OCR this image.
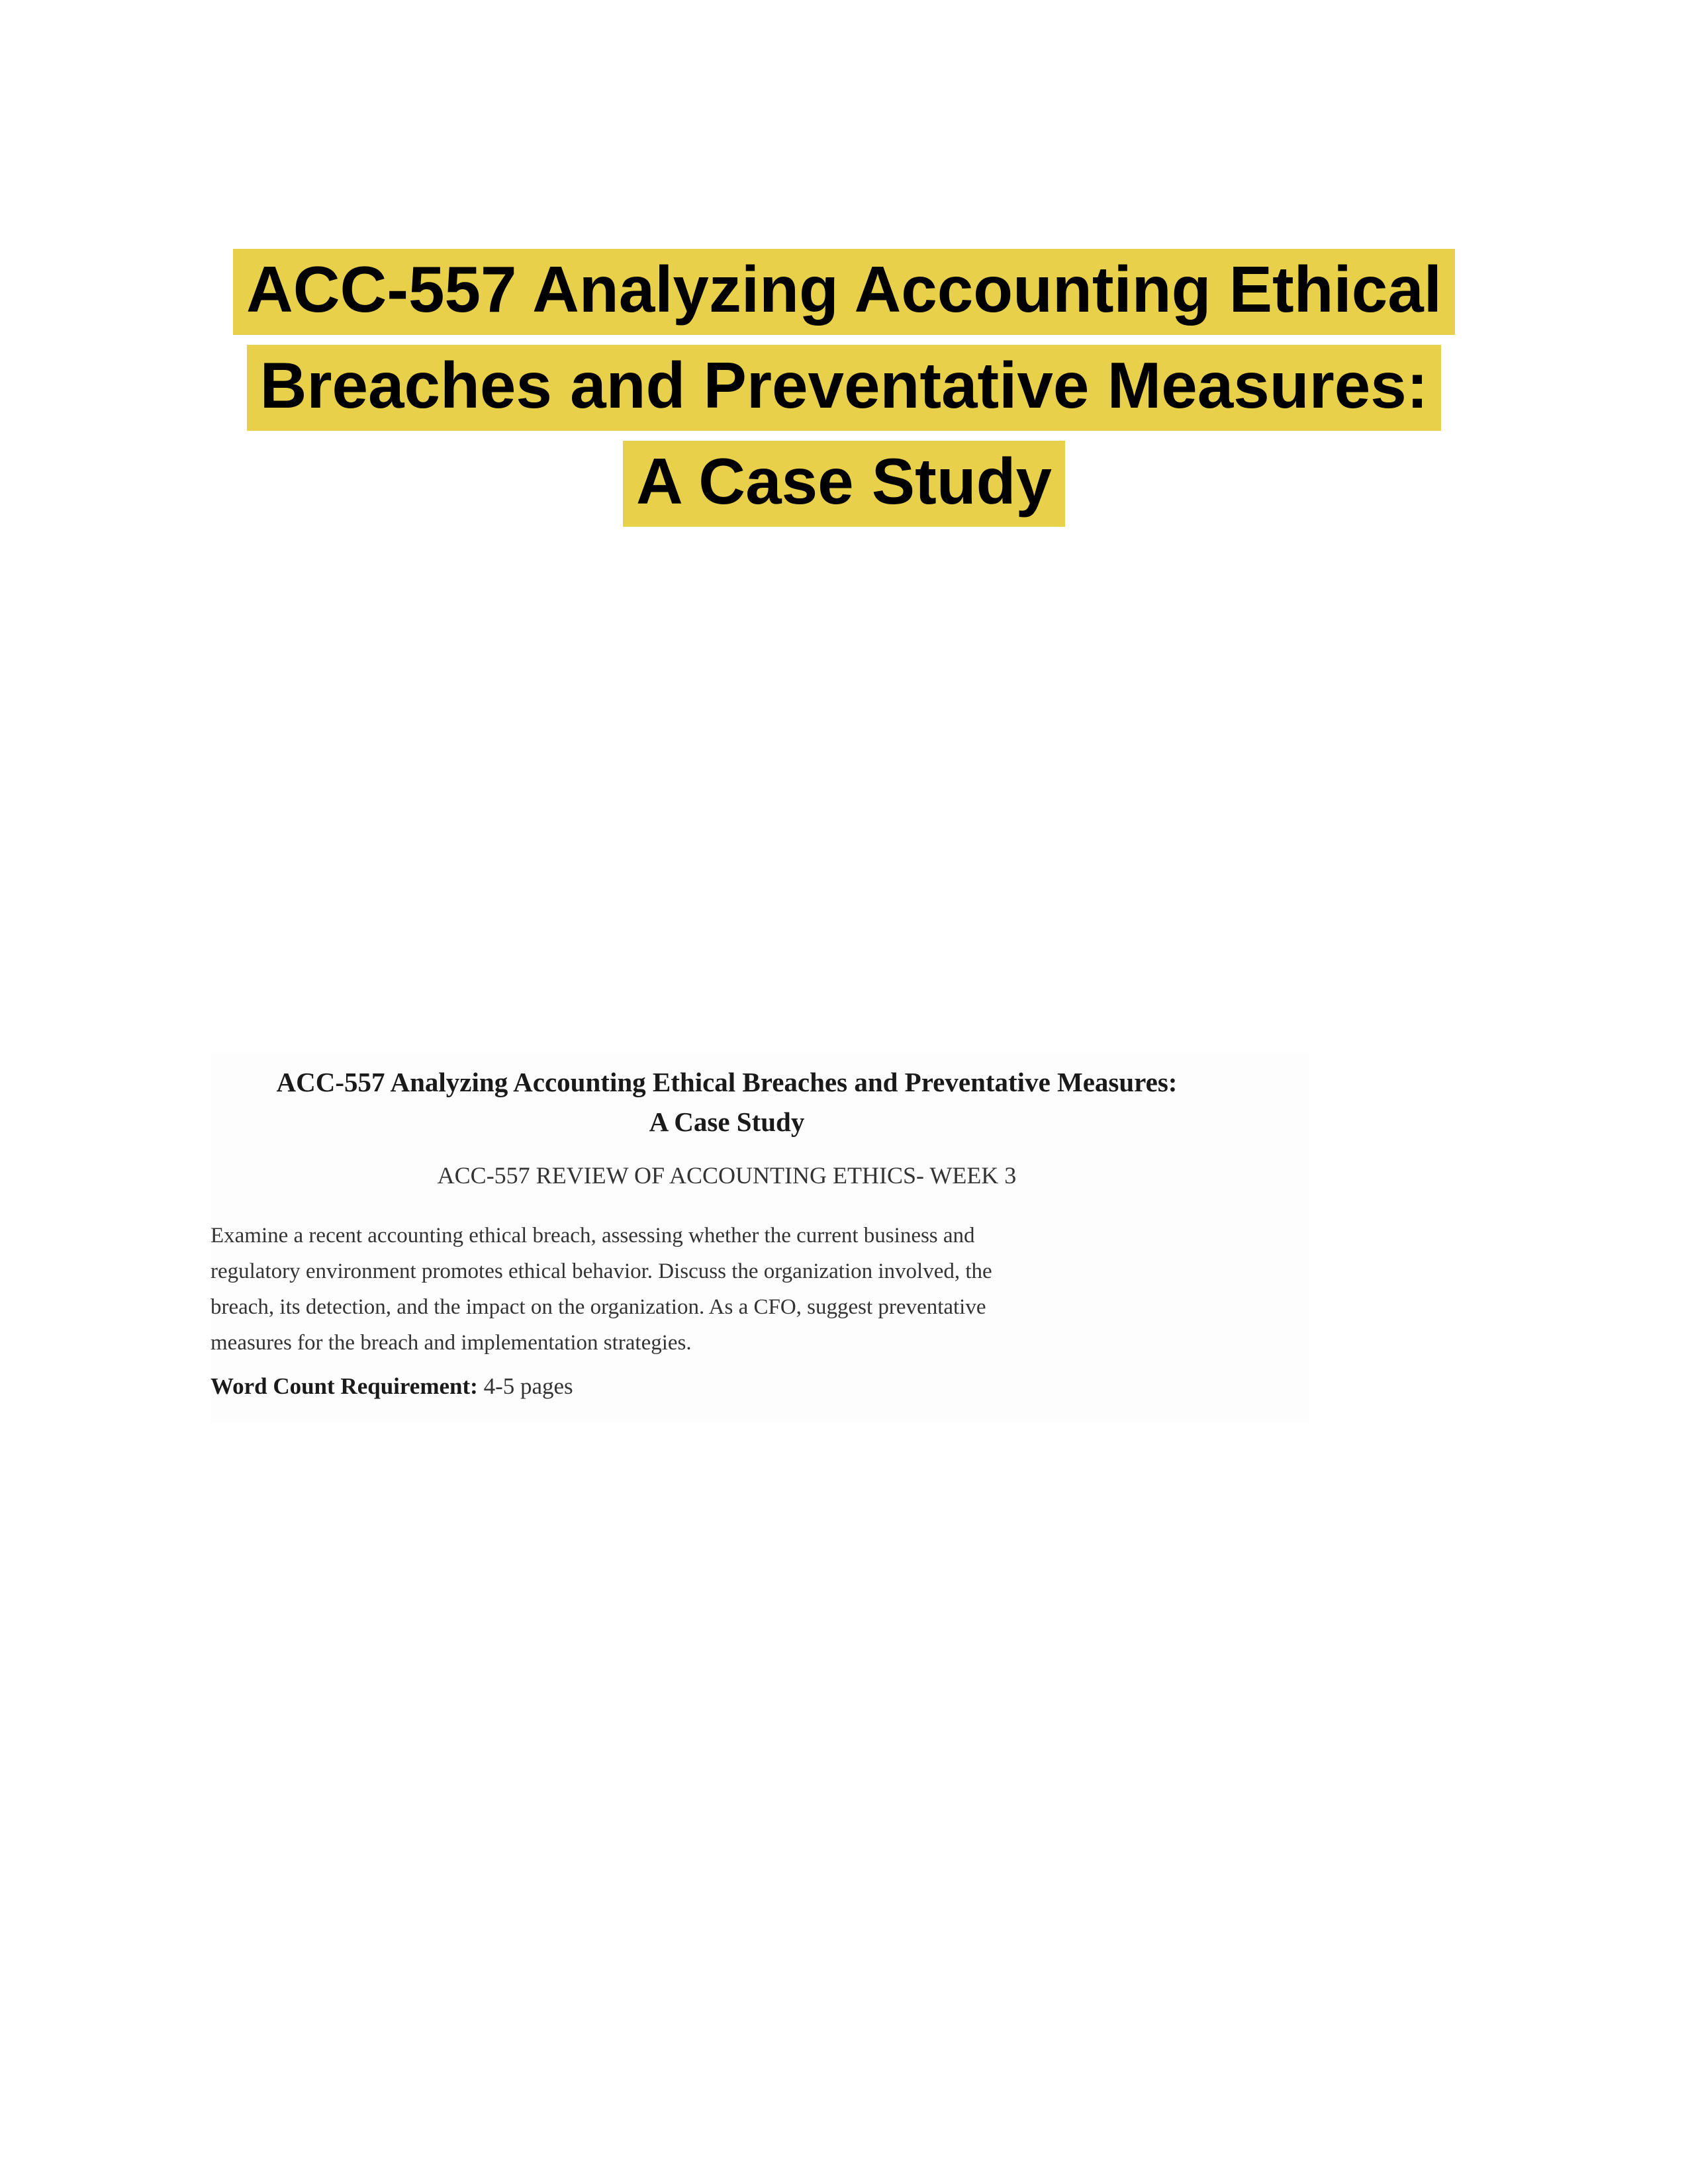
ACC-557 Analyzing Accounting Ethical
Breaches and Preventative Measures:
A Case Study
ACC-557 Analyzing Accounting Ethical Breaches and Preventative Measures:
A Case Study
ACC-557 REVIEW OF ACCOUNTING ETHICS- WEEK 3
Examine a recent accounting ethical breach, assessing whether the current business and
regulatory environment promotes ethical behavior. Discuss the organization involved, the
breach, its detection, and the impact on the organization. As a CFO, suggest preventative
measures for the breach and implementation strategies.
Word Count Requirement: 4-5 pages
